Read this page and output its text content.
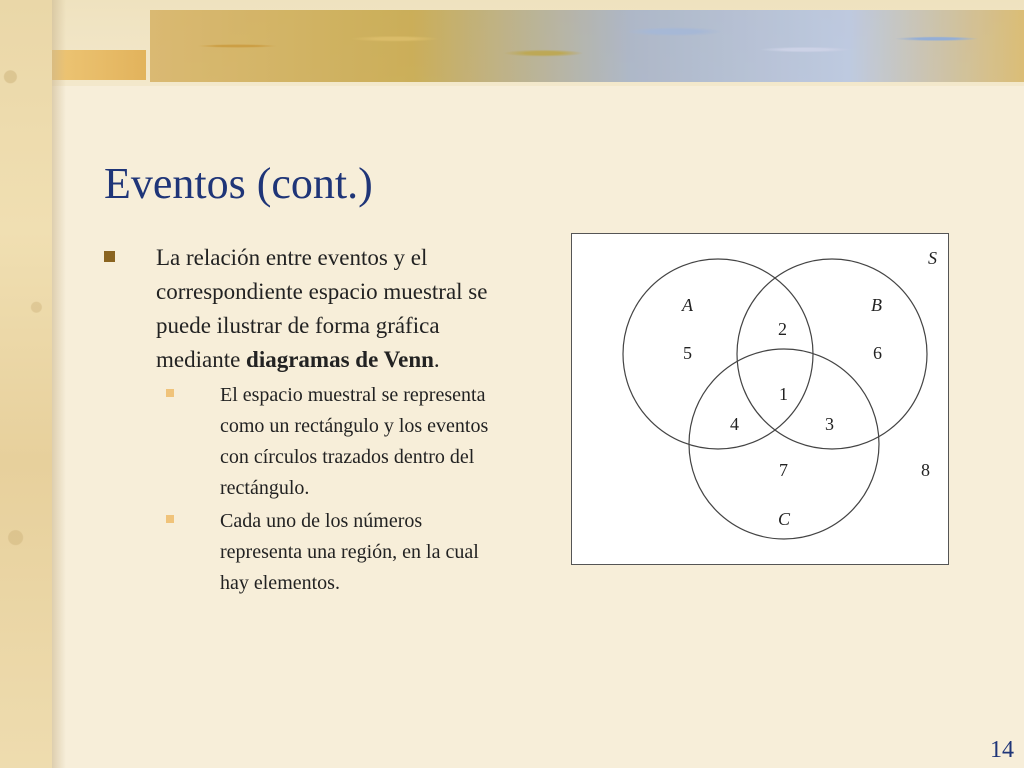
Eventos (cont.)

La relación entre eventos y el correspondiente espacio muestral se puede ilustrar de forma gráfica mediante diagramas de Venn.

El espacio muestral se representa como un rectángulo y los eventos con círculos trazados dentro del rectángulo.

Cada uno de los números representa una región, en la cual hay elementos.

S
A	B
C
5	6
2
1
4	3
7	8
14
